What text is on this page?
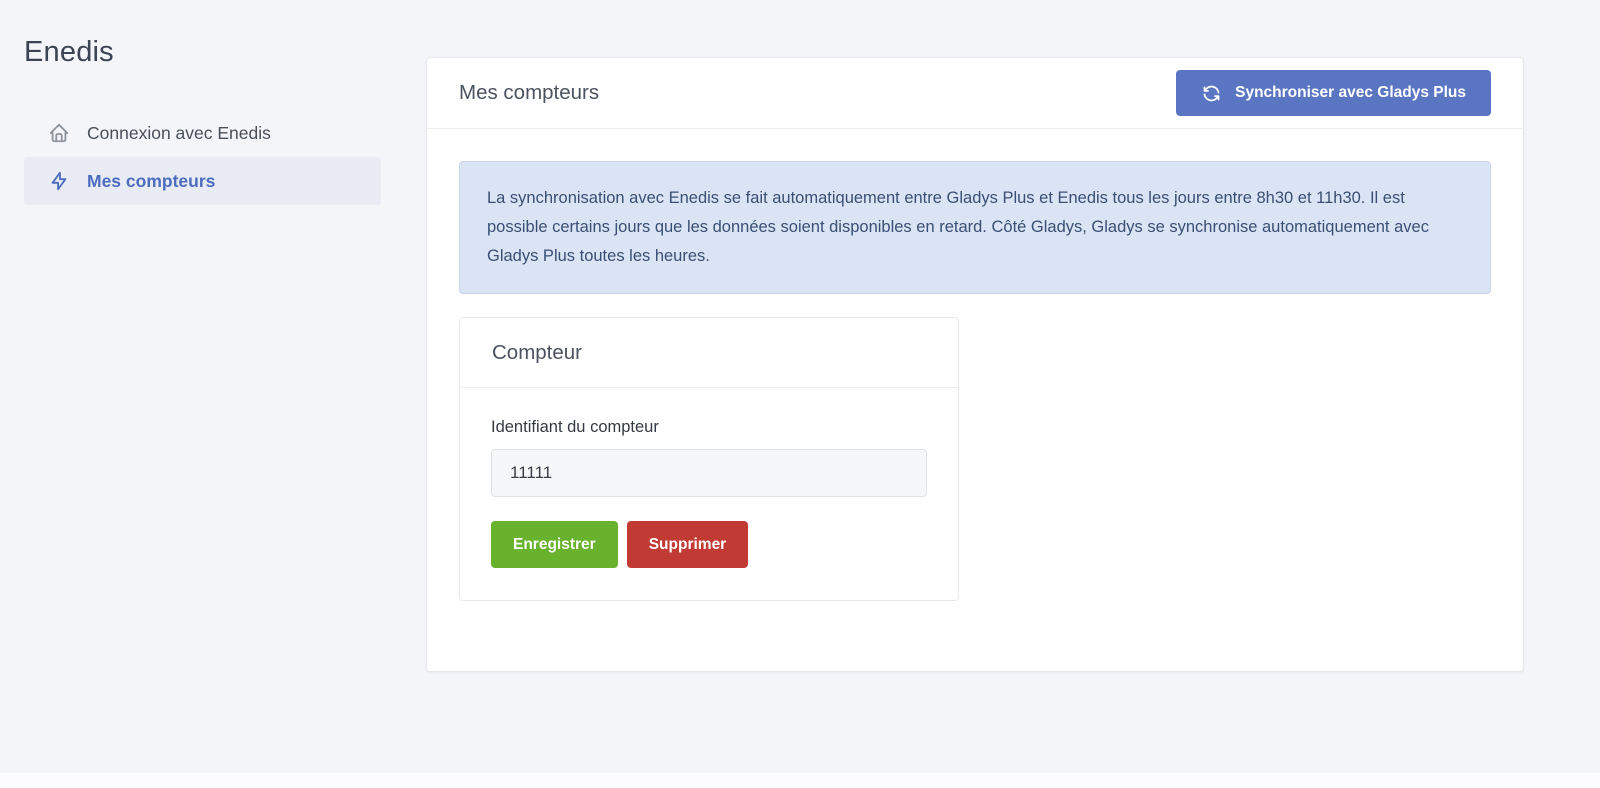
Enedis
Connexion avec Enedis
Mes compteurs
Mes compteurs	Synchroniser avec Gladys Plus
La synchronisation avec Enedis se fait automatiquement entre Gladys Plus et Enedis tous les jours entre 8h30 et 11h30. Il est possible certains jours que les données soient disponibles en retard. Côté Gladys, Gladys se synchronise automatiquement avec Gladys Plus toutes les heures.
Compteur
Identifiant du compteur
11111
Enregistrer	Supprimer
